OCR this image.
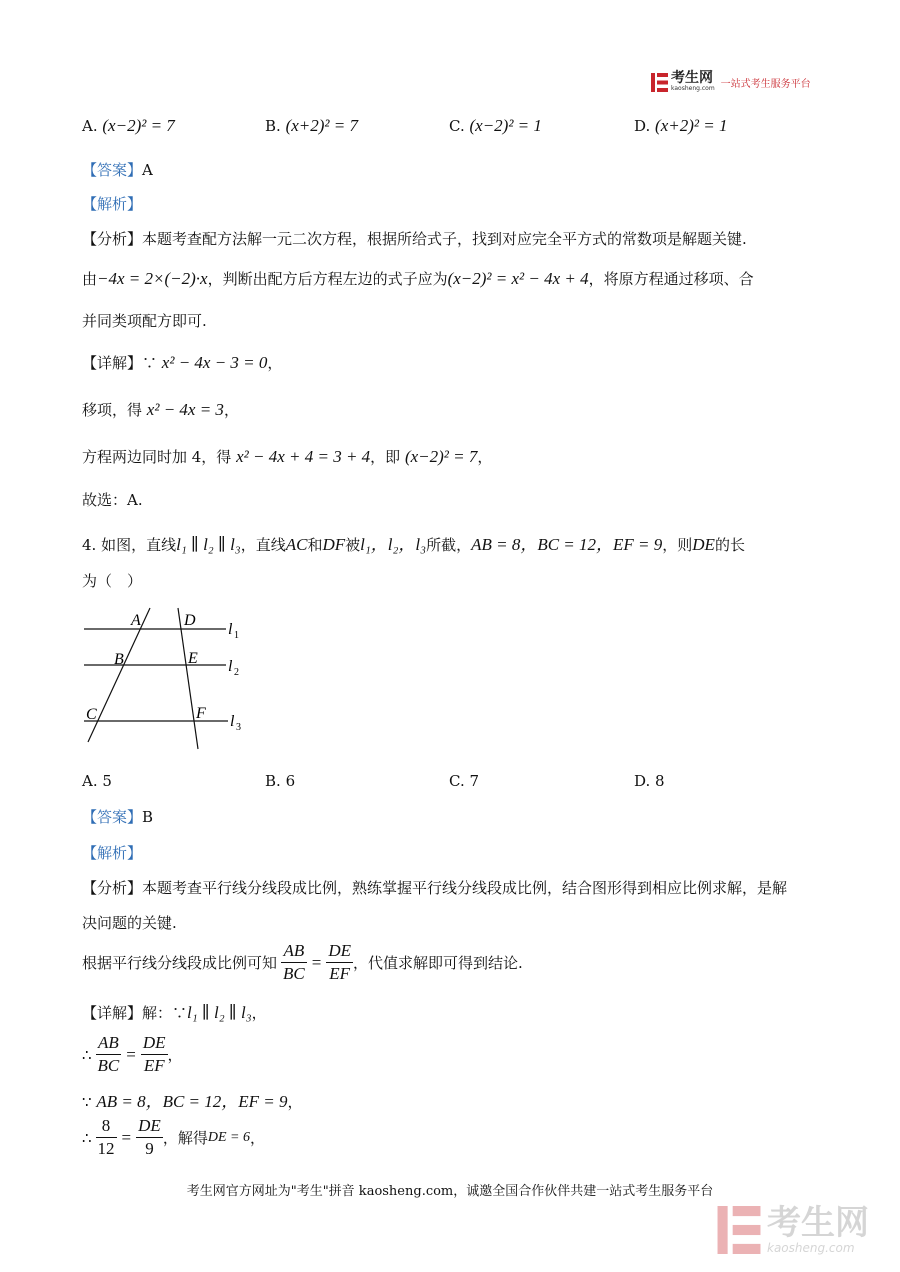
考生网
kaosheng.com 一站式考生服务平台
A. (x−2)² = 7	B. (x+2)² = 7	C. (x−2)² = 1	D. (x+2)² = 1
【答案】A
【解析】
【分析】本题考查配方法解一元二次方程，根据所给式子，找到对应完全平方式的常数项是解题关键.
由−4x = 2×(−2)·x，判断出配方后方程左边的式子应为(x−2)² = x² − 4x + 4，将原方程通过移项、合
并同类项配方即可.
【详解】∵ x² − 4x − 3 = 0，
移项，得 x² − 4x = 3，
方程两边同时加 4，得 x² − 4x + 4 = 3 + 4，即 (x−2)² = 7，
故选：A.
4. 如图，直线l₁ ∥ l₂ ∥ l₃，直线AC和DF被l₁，l₂，l₃所截，AB = 8，BC = 12，EF = 9，则DE的长
为（　）
A	D
B	E
C	F
l 1
l 2
l 3
A. 5	B. 6	C. 7	D. 8
【答案】B
【解析】
【分析】本题考查平行线分线段成比例，熟练掌握平行线分线段成比例，结合图形得到相应比例求解，是解
决问题的关键.
根据平行线分线段成比例可知 $\frac{AB}{BC} = \frac{DE}{EF}$ ，代值求解即可得到结论.
【详解】解：∵l₁ ∥ l₂ ∥ l₃，
∴ $\frac{AB}{BC} = \frac{DE}{EF}$ ，
∵ AB = 8，BC = 12，EF = 9，
∴ $\frac{8}{12} = \frac{DE}{9}$ ，解得 DE = 6 ，
考生网官方网址为"考生"拼音 kaosheng.com，诚邀全国合作伙伴共建一站式考生服务平台
考生网
kaosheng.com
